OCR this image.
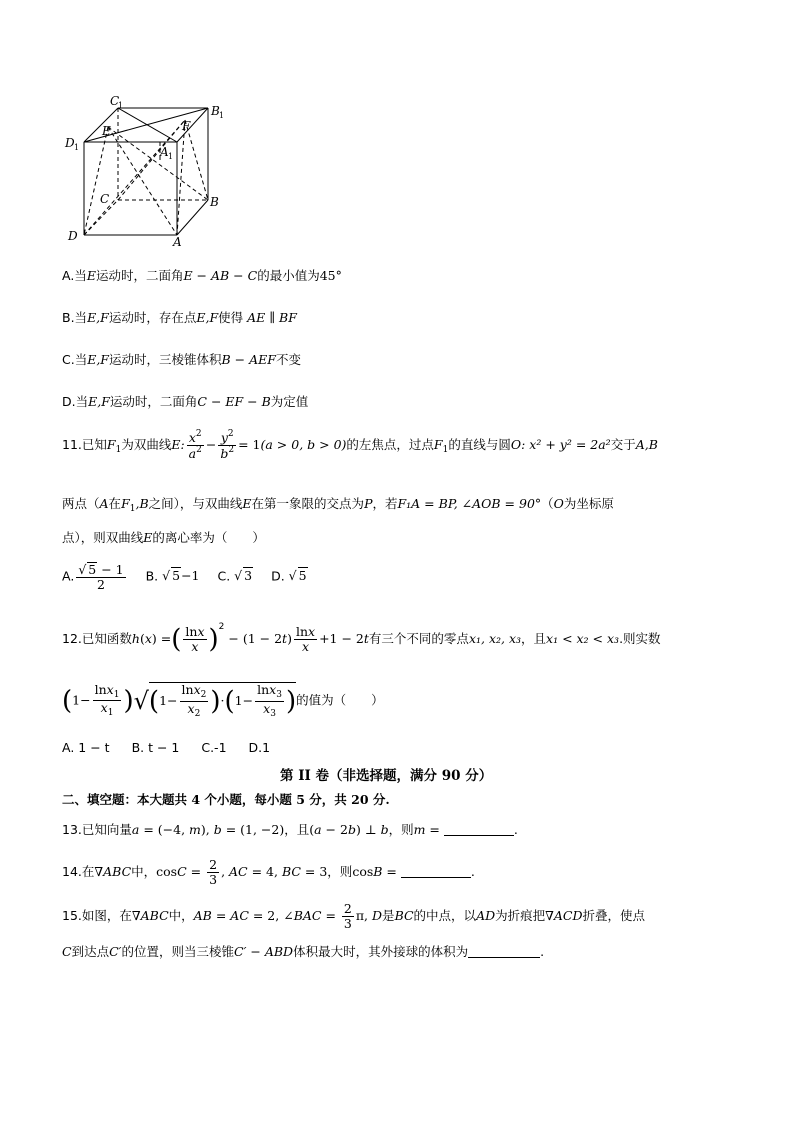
C
1	B 1
D 1
E	F
A 1
C	B
D	A
A.当E运动时，二面角E − AB − C的最小值为45°
B.当E,F运动时，存在点E,F使得 AE ∥ BF
C.当E,F运动时，三棱锥体积B − AEF不变
D.当E,F运动时，二面角C − EF − B为定值
11.已知$F_1$为双曲线E: $\frac{x^2}{a^2} - \frac{y^2}{b^2} = 1(a > 0$, b > 0)的左焦点，过点$F_1$的直线与圆O: x² + y² = 2a²交于A,B
两点（A在$F_1,B$之间），与双曲线E在第一象限的交点为P，若F₁A = BP, ∠AOB = 90°（O为坐标原
点），则双曲线E的离心率为（　　）
A. $\frac{√ 5 - 1}{2} B$. √ 5−1 C. √ 3 D. √ 5
12.已知函数h(x) =( $\frac{\ln x}{x} )^2 - (1 - 2t) \frac{\ln x}{x} +1 - 2t$有三个不同的零点x₁, x₂, x₃，且x₁ < x₂ < x₃.则实数
$(1- \frac{\ln x_1}{x_1} )√(1- \frac{\ln x_2}{x_2} )\cdot(1- \frac{\ln x_3}{x_3}$ )的值为（　　）
A. 1 − t B. t − 1 C.-1 D.1
第 II 卷（非选择题，满分 90 分）
二、填空题：本大题共 4 个小题，每小题 5 分，共 20 分.
13.已知向量a = (−4, m), b = (1, −2)，且(a − 2b) ⊥ b，则m =	.
14.在∇ABC中，$\cos C = \frac{2}{3}$ , AC = 4, BC = 3，则cosB =	.
15.如图，在∇ABC中，AB = AC = 2, ∠BAC = $\frac{2}{3} \pi$, D是BC的中点，以AD为折痕把∇ACD折叠，使点
C到达点C′的位置，则当三棱锥C′ − ABD体积最大时，其外接球的体积为	.
